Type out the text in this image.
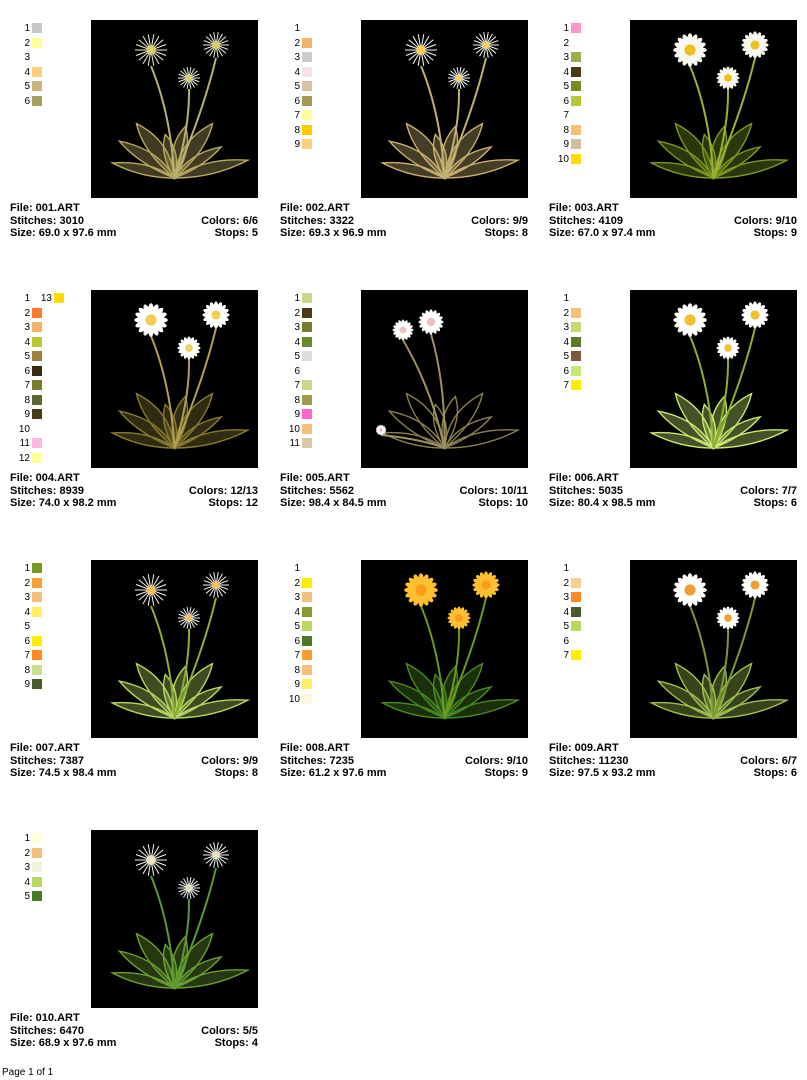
1
2
3
4
5
6
File: 001.ART
Stitches: 3010	Colors: 6/6
Size: 69.0 x 97.6 mm	Stops: 5
1
2
3
4
5
6
7
8
9
File: 002.ART
Stitches: 3322	Colors: 9/9
Size: 69.3 x 96.9 mm	Stops: 8
1
2
3
4
5
6
7
8
9
10
File: 003.ART
Stitches: 4109	Colors: 9/10
Size: 67.0 x 97.4 mm	Stops: 9
1	13
2
3
4
5
6
7
8
9
10
11
12
File: 004.ART
Stitches: 8939	Colors: 12/13
Size: 74.0 x 98.2 mm	Stops: 12
1
2
3
4
5
6
7
8
9
10
11
File: 005.ART
Stitches: 5562	Colors: 10/11
Size: 98.4 x 84.5 mm	Stops: 10
1
2
3
4
5
6
7
File: 006.ART
Stitches: 5035	Colors: 7/7
Size: 80.4 x 98.5 mm	Stops: 6
1
2
3
4
5
6
7
8
9
File: 007.ART
Stitches: 7387	Colors: 9/9
Size: 74.5 x 98.4 mm	Stops: 8
1
2
3
4
5
6
7
8
9
10
File: 008.ART
Stitches: 7235	Colors: 9/10
Size: 61.2 x 97.6 mm	Stops: 9
1
2
3
4
5
6
7
File: 009.ART
Stitches: 11230	Colors: 6/7
Size: 97.5 x 93.2 mm	Stops: 6
1
2
3
4
5
File: 010.ART
Stitches: 6470	Colors: 5/5
Size: 68.9 x 97.6 mm	Stops: 4
Page 1 of 1
